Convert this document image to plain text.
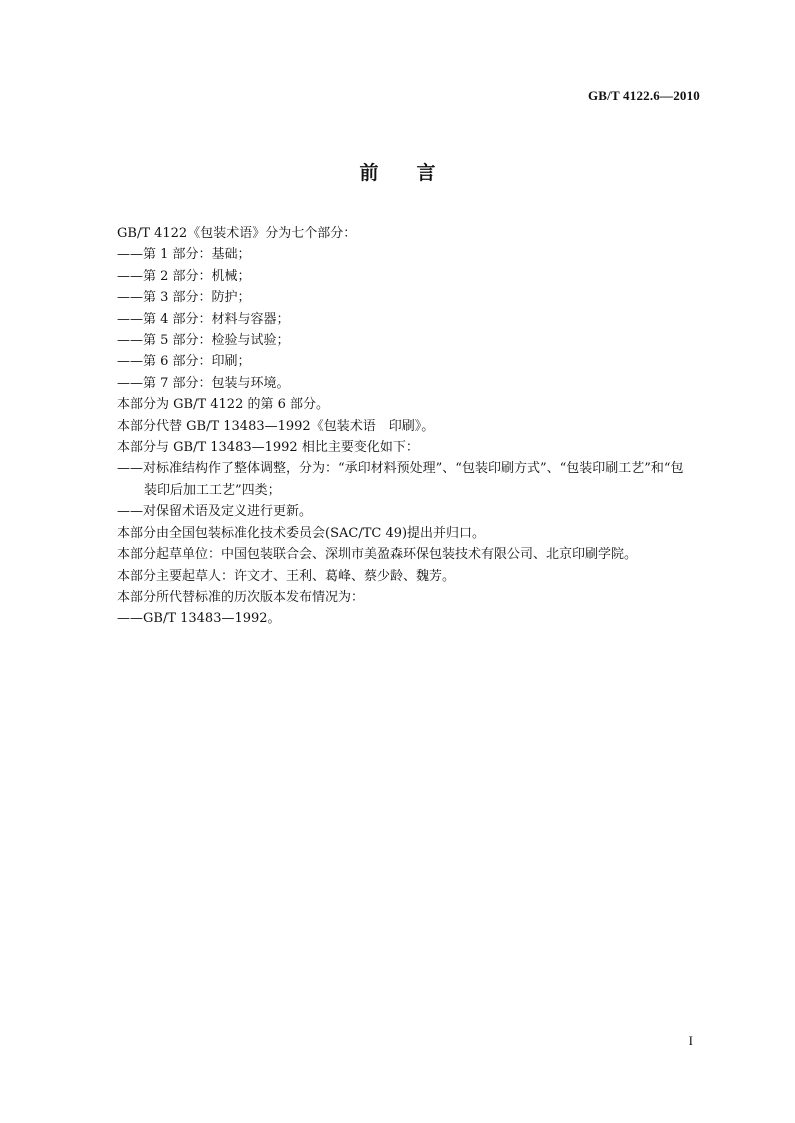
GB/T 4122.6—2010
前 言
GB/T 4122《包装术语》分为七个部分：
——第 1 部分：基础；
——第 2 部分：机械；
——第 3 部分：防护；
——第 4 部分：材料与容器；
——第 5 部分：检验与试验；
——第 6 部分：印刷；
——第 7 部分：包装与环境。
本部分为 GB/T 4122 的第 6 部分。
本部分代替 GB/T 13483—1992《包装术语　印刷》。
本部分与 GB/T 13483—1992 相比主要变化如下：
——对标准结构作了整体调整，分为：“承印材料预处理”、“包装印刷方式”、“包装印刷工艺”和“包
装印后加工工艺”四类；
——对保留术语及定义进行更新。
本部分由全国包装标准化技术委员会(SAC/TC 49)提出并归口。
本部分起草单位：中国包装联合会、深圳市美盈森环保包装技术有限公司、北京印刷学院。
本部分主要起草人：许文才、王利、葛峰、蔡少龄、魏芳。
本部分所代替标准的历次版本发布情况为：
——GB/T 13483—1992。
I
